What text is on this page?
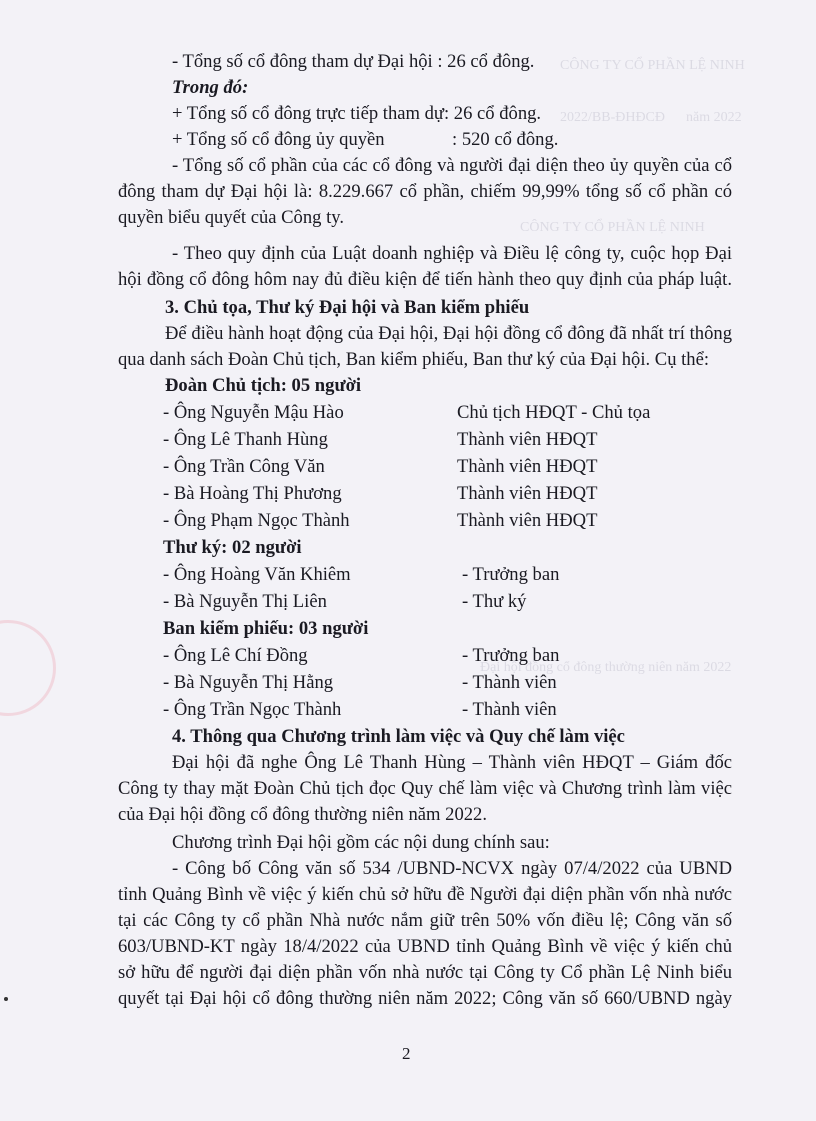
CÔNG TY CỔ PHẦN LỆ NINH
2022/BB-ĐHĐCĐ      năm 2022
CÔNG TY CỔ PHẦN LỆ NINH
Đại hội đồng cổ đông thường niên năm 2022
- Tổng số cổ đông tham dự Đại hội : 26 cổ đông.
Trong đó:
+ Tổng số cổ đông trực tiếp tham dự: 26 cổ đông.
+ Tổng số cổ đông ủy quyền	: 520 cổ đông.
- Tổng số cổ phần của các cổ đông và người đại diện theo ủy quyền của cổ
đông tham dự Đại hội là: 8.229.667 cổ phần, chiếm 99,99% tổng số cổ phần có
quyền biểu quyết của Công ty.
- Theo quy định của Luật doanh nghiệp và Điều lệ công ty, cuộc họp Đại
hội đồng cổ đông hôm nay đủ điều kiện để tiến hành theo quy định của pháp luật.
3. Chủ tọa, Thư ký Đại hội và Ban kiểm phiếu
Để điều hành hoạt động của Đại hội, Đại hội đồng cổ đông đã nhất trí thông
qua danh sách Đoàn Chủ tịch, Ban kiểm phiếu, Ban thư ký của Đại hội. Cụ thể:
Đoàn Chủ tịch: 05 người
- Ông Nguyễn Mậu Hào	Chủ tịch HĐQT - Chủ tọa
- Ông Lê Thanh Hùng	Thành viên HĐQT
- Ông Trần Công Văn	Thành viên HĐQT
- Bà Hoàng Thị Phương	Thành viên HĐQT
- Ông Phạm Ngọc Thành	Thành viên HĐQT
Thư ký: 02 người
- Ông Hoàng Văn Khiêm	- Trưởng ban
- Bà Nguyễn Thị Liên	- Thư ký
Ban kiểm phiếu: 03 người
- Ông Lê Chí Đồng	- Trưởng ban
- Bà Nguyễn Thị Hằng	- Thành viên
- Ông Trần Ngọc Thành	- Thành viên
4. Thông qua Chương trình làm việc và Quy chế làm việc
Đại hội đã nghe Ông Lê Thanh Hùng – Thành viên HĐQT – Giám đốc
Công ty thay mặt Đoàn Chủ tịch đọc Quy chế làm việc và Chương trình làm việc
của Đại hội đồng cổ đông thường niên năm 2022.
Chương trình Đại hội gồm các nội dung chính sau:
- Công bố Công văn số 534 /UBND-NCVX ngày 07/4/2022 của UBND
tỉnh Quảng Bình về việc ý kiến chủ sở hữu đề Người đại diện phần vốn nhà nước
tại các Công ty cổ phần Nhà nước nắm giữ trên 50% vốn điều lệ; Công văn số
603/UBND-KT ngày 18/4/2022 của UBND tỉnh Quảng Bình về việc ý kiến chủ
sở hữu để người đại diện phần vốn nhà nước tại Công ty Cổ phần Lệ Ninh biểu
quyết tại Đại hội cổ đông thường niên năm 2022; Công văn số 660/UBND ngày
2
